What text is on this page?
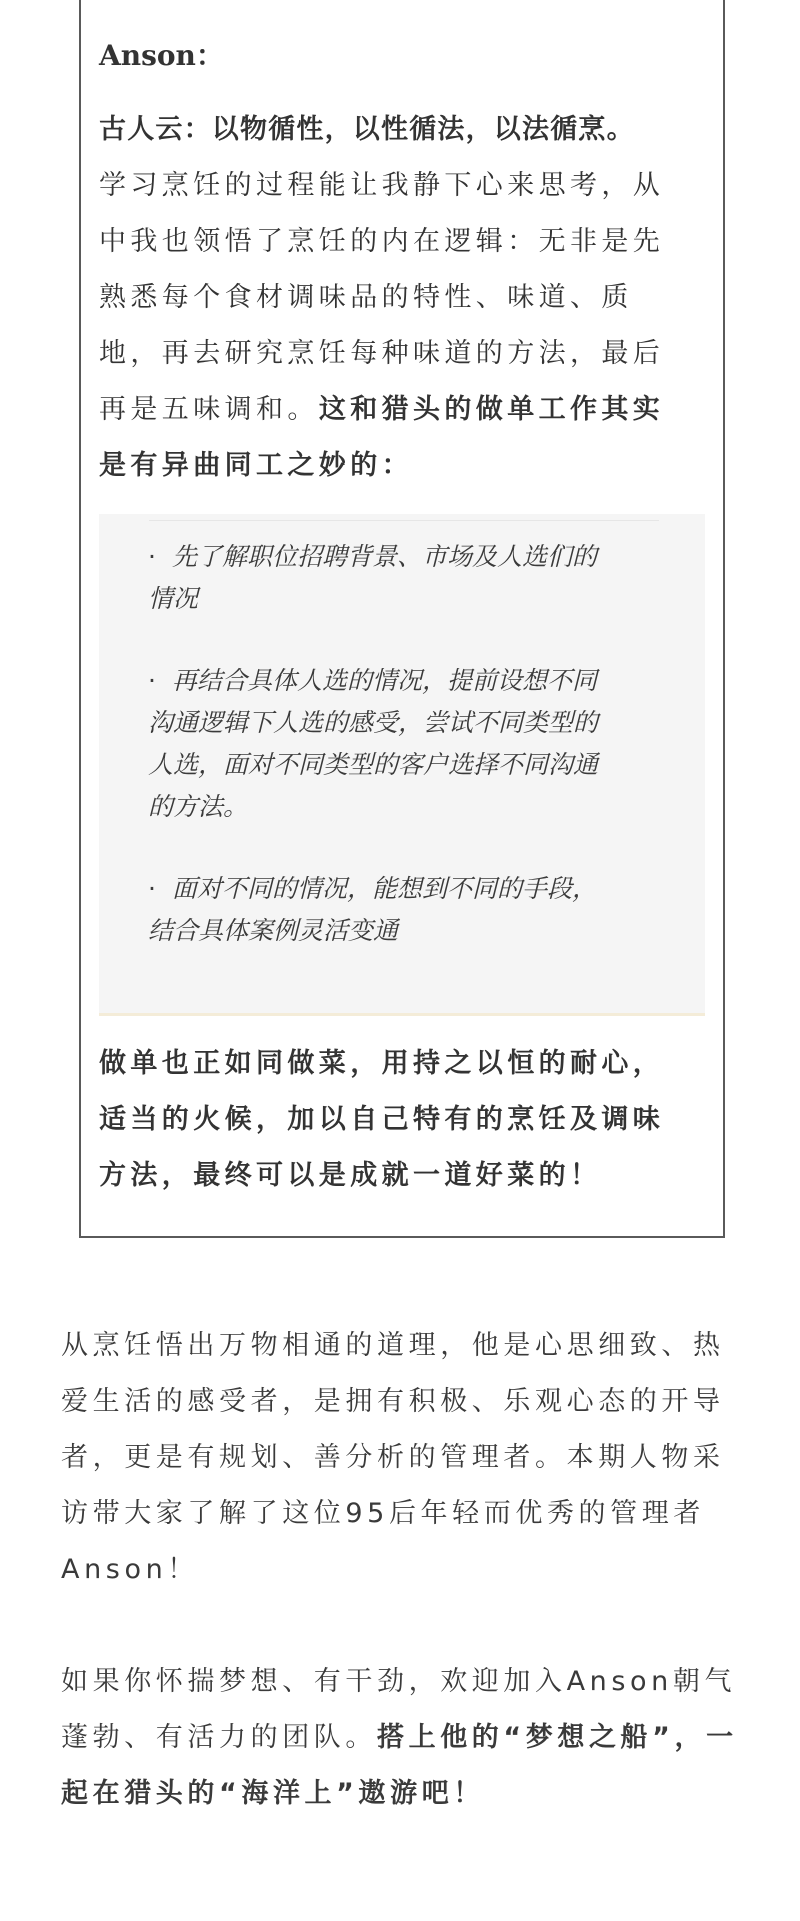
Anson：

古人云：以物循性，以性循法，以法循烹。

学习烹饪的过程能让我静下心来思考，从

中我也领悟了烹饪的内在逻辑：无非是先

熟悉每个食材调味品的特性、味道、质

地，再去研究烹饪每种味道的方法，最后

再是五味调和。这和猎头的做单工作其实

是有异曲同工之妙的：

· 先了解职位招聘背景、市场及人选们的
情况
· 再结合具体人选的情况，提前设想不同
沟通逻辑下人选的感受，尝试不同类型的
人选，面对不同类型的客户选择不同沟通
的方法。
· 面对不同的情况，能想到不同的手段，
结合具体案例灵活变通

做单也正如同做菜，用持之以恒的耐心，

适当的火候，加以自己特有的烹饪及调味

方法，最终可以是成就一道好菜的！

从烹饪悟出万物相通的道理，他是心思细致、热

爱生活的感受者，是拥有积极、乐观心态的开导

者，更是有规划、善分析的管理者。本期人物采

访带大家了解了这位95后年轻而优秀的管理者

Anson！

如果你怀揣梦想、有干劲，欢迎加入Anson朝气

蓬勃、有活力的团队。搭上他的“梦想之船”，一

起在猎头的“海洋上”遨游吧！
